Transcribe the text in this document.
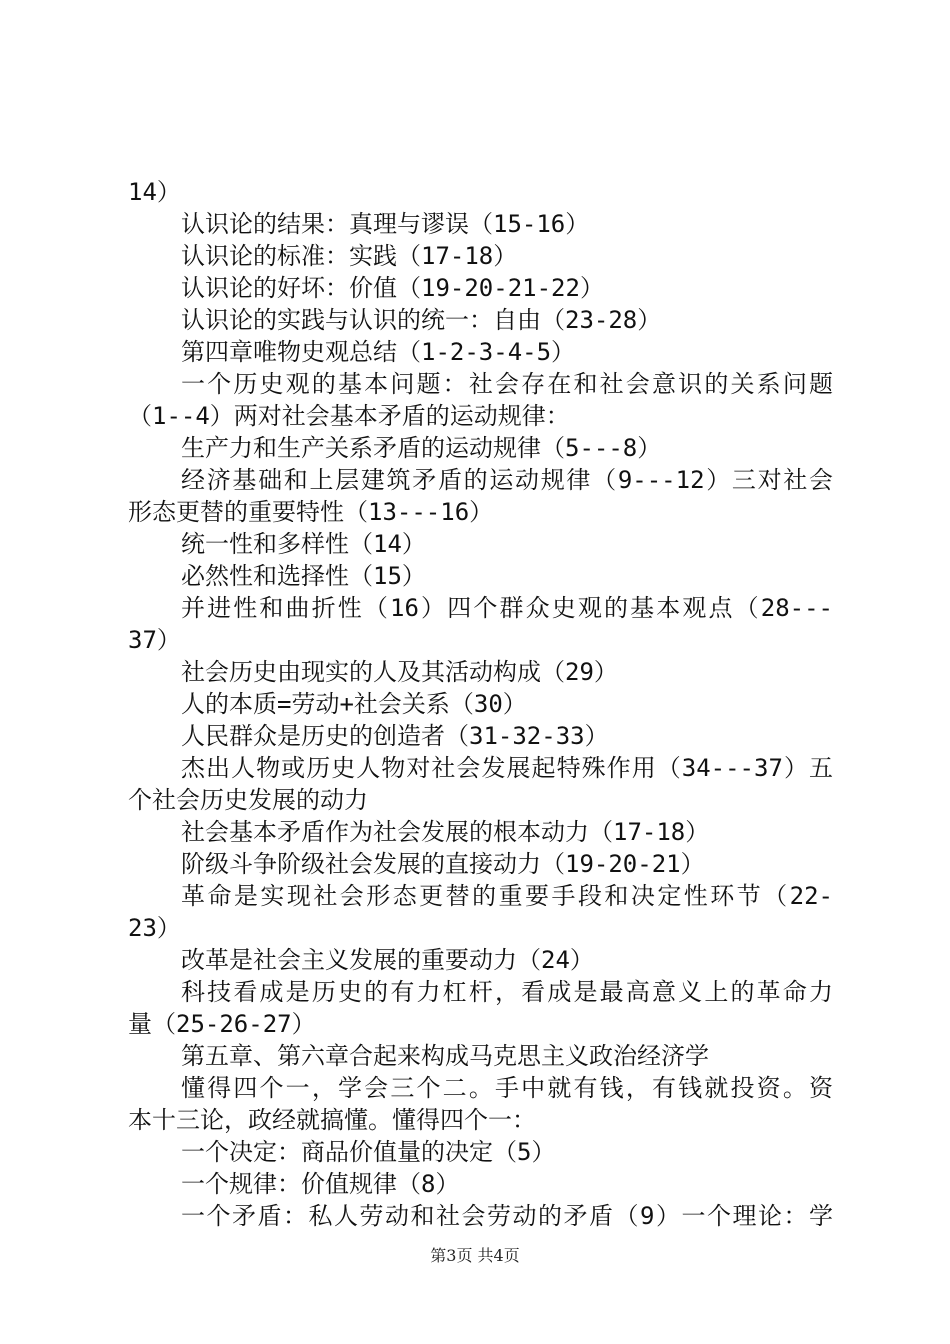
14）
认识论的结果：真理与谬误（15-16）
认识论的标准：实践（17-18）
认识论的好坏：价值（19-20-21-22）
认识论的实践与认识的统一：自由（23-28）
第四章唯物史观总结（1-2-3-4-5）
一个历史观的基本问题：社会存在和社会意识的关系问题
（1--4）两对社会基本矛盾的运动规律：
生产力和生产关系矛盾的运动规律（5---8）
经济基础和上层建筑矛盾的运动规律（9---12）三对社会
形态更替的重要特性（13---16）
统一性和多样性（14）
必然性和选择性（15）
并进性和曲折性（16）四个群众史观的基本观点（28---
37）
社会历史由现实的人及其活动构成（29）
人的本质=劳动+社会关系（30）
人民群众是历史的创造者（31-32-33）
杰出人物或历史人物对社会发展起特殊作用（34---37）五
个社会历史发展的动力
社会基本矛盾作为社会发展的根本动力（17-18）
阶级斗争阶级社会发展的直接动力（19-20-21）
革命是实现社会形态更替的重要手段和决定性环节（22-
23）
改革是社会主义发展的重要动力（24）
科技看成是历史的有力杠杆，看成是最高意义上的革命力
量（25-26-27）
第五章、第六章合起来构成马克思主义政治经济学
懂得四个一，学会三个二。手中就有钱，有钱就投资。资
本十三论，政经就搞懂。懂得四个一：
一个决定：商品价值量的决定（5）
一个规律：价值规律（8）
一个矛盾：私人劳动和社会劳动的矛盾（9）一个理论：学
第3页 共4页
